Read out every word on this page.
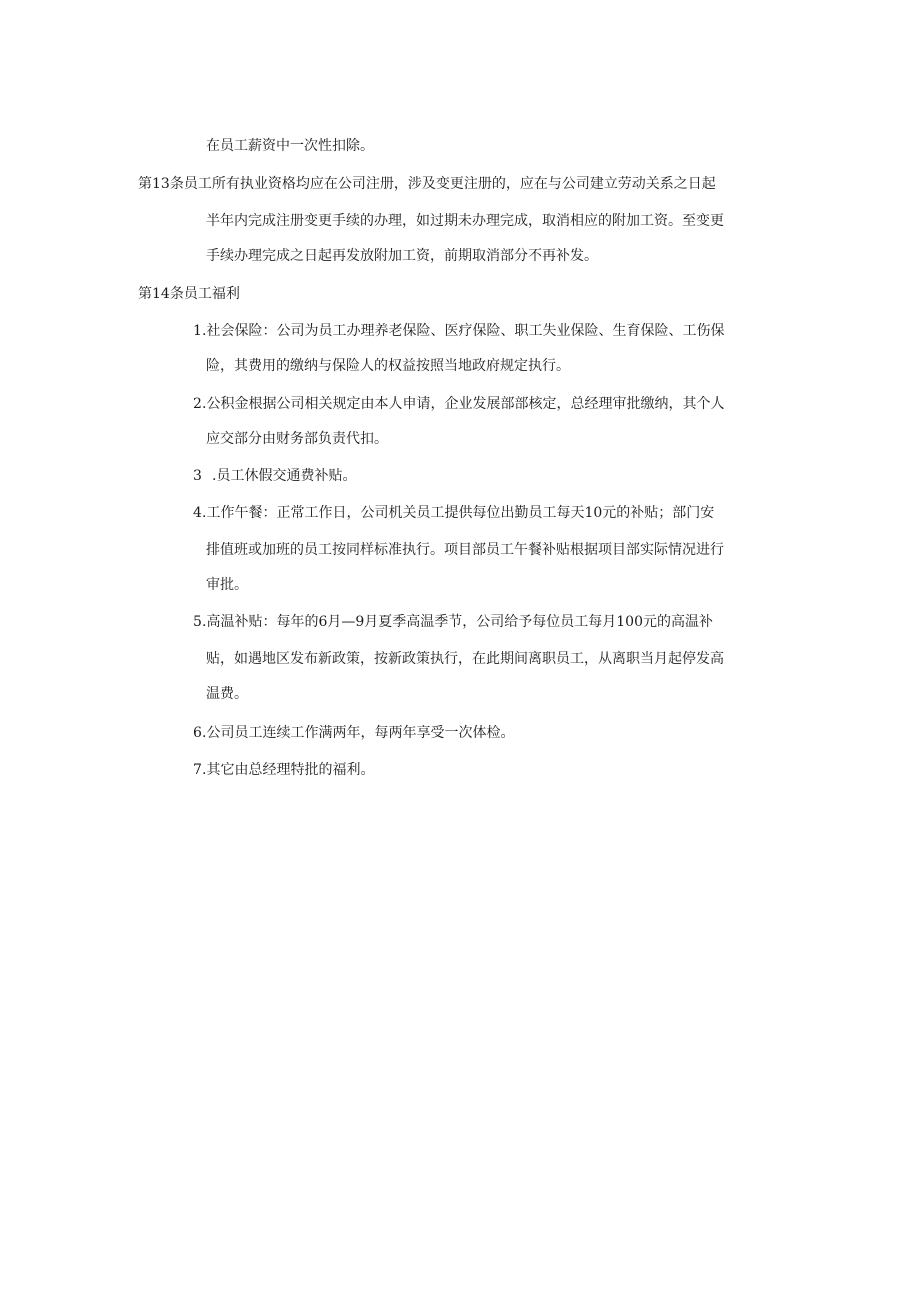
在员工薪资中一次性扣除。
第13条员工所有执业资格均应在公司注册，涉及变更注册的，应在与公司建立劳动关系之日起
半年内完成注册变更手续的办理，如过期未办理完成，取消相应的附加工资。至变更
手续办理完成之日起再发放附加工资，前期取消部分不再补发。
第14条员工福利
1 .社会保险：公司为员工办理养老保险、医疗保险、职工失业保险、生育保险、工伤保
险，其费用的缴纳与保险人的权益按照当地政府规定执行。
2 .公积金根据公司相关规定由本人申请，企业发展部部核定，总经理审批缴纳，其个人
应交部分由财务部负责代扣。
3 .员工休假交通费补贴。
4 .工作午餐：正常工作日，公司机关员工提供每位出勤员工每天10元的补贴；部门安
排值班或加班的员工按同样标准执行。项目部员工午餐补贴根据项目部实际情况进行
审批。
5 .高温补贴：每年的6月—9月夏季高温季节，公司给予每位员工每月100元的高温补
贴，如遇地区发布新政策，按新政策执行，在此期间离职员工，从离职当月起停发高
温费。
6 .公司员工连续工作满两年，每两年享受一次体检。
7 .其它由总经理特批的福利。
